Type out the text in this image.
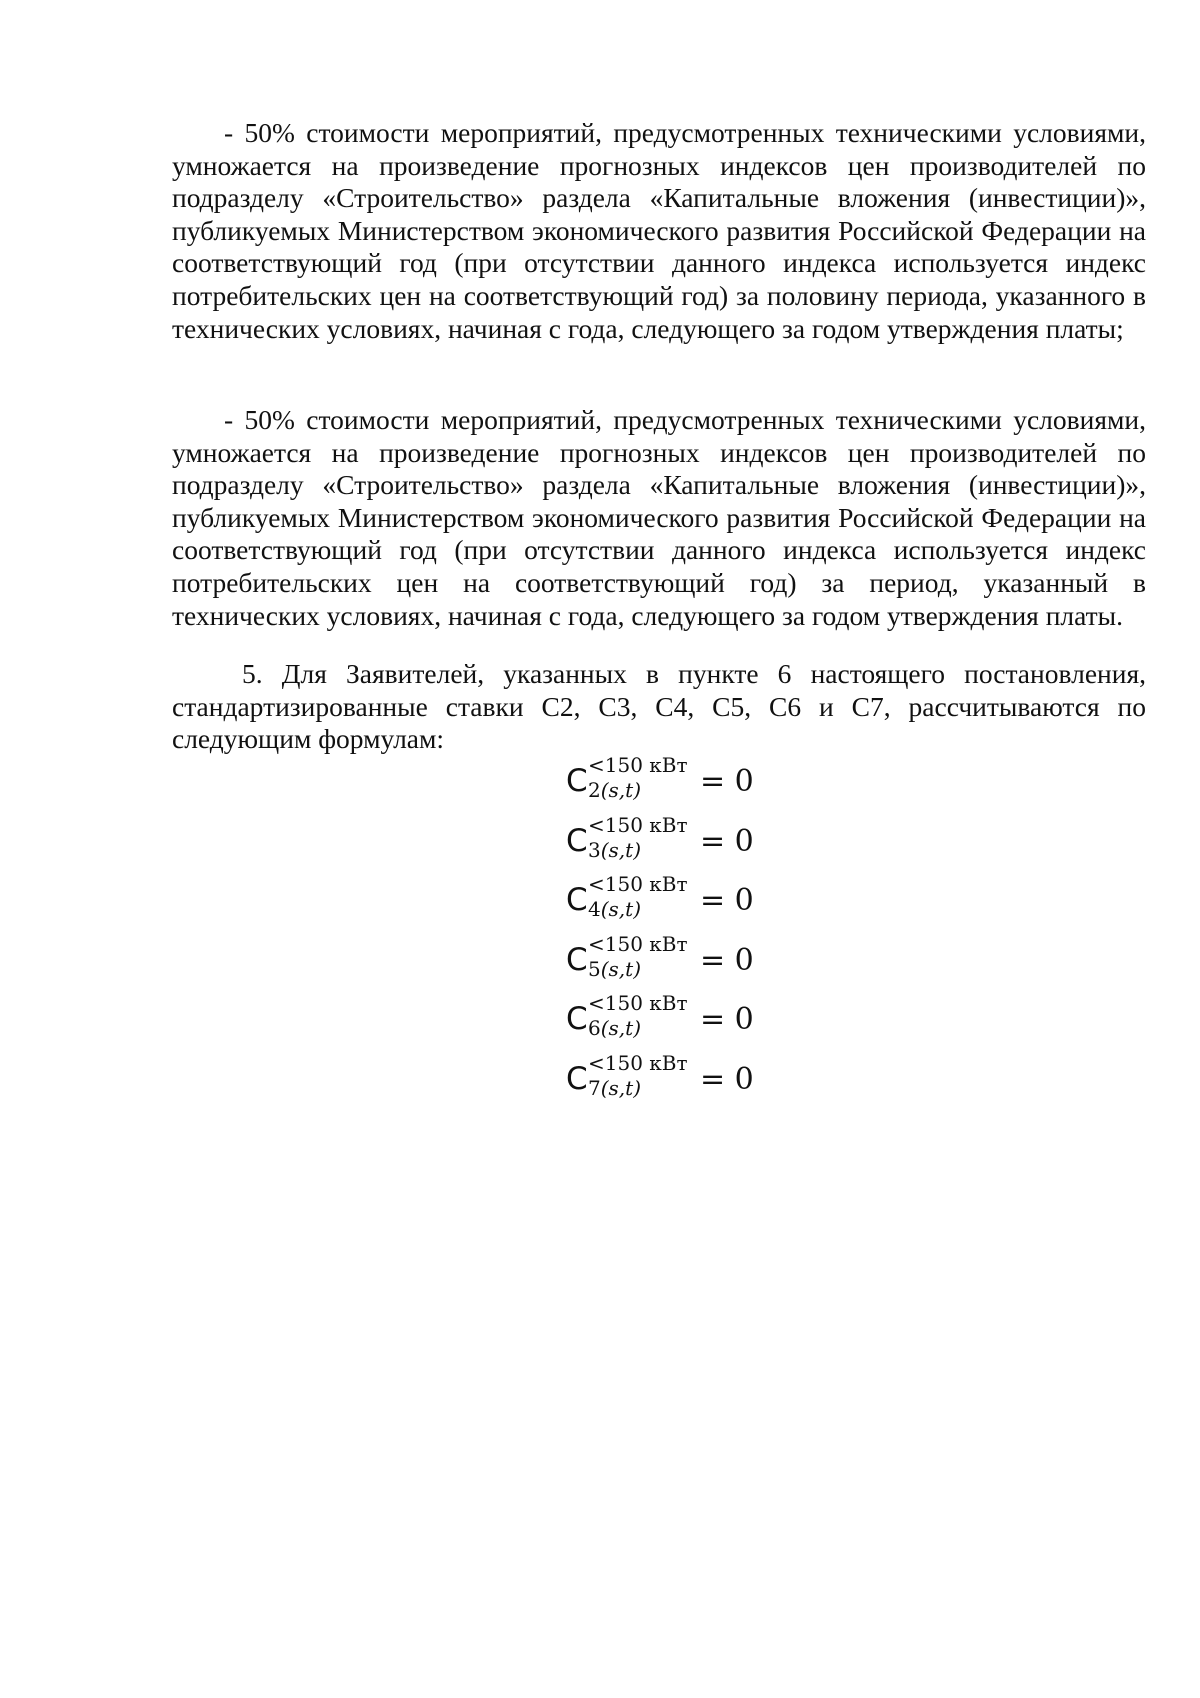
- 50% стоимости мероприятий, предусмотренных техническими условиями, умножается на произведение прогнозных индексов цен производителей по подразделу «Строительство» раздела «Капитальные вложения (инвестиции)», публикуемых Министерством экономического развития Российской Федерации на соответствующий год (при отсутствии данного индекса используется индекс потребительских цен на соответствующий год) за половину периода, указанного в технических условиях, начиная с года, следующего за годом утверждения платы;

- 50% стоимости мероприятий, предусмотренных техническими условиями, умножается на произведение прогнозных индексов цен производителей по подразделу «Строительство» раздела «Капитальные вложения (инвестиции)», публикуемых Министерством экономического развития Российской Федерации на соответствующий год (при отсутствии данного индекса используется индекс потребительских цен на соответствующий год) за период, указанный в технических условиях, начиная с года, следующего за годом утверждения платы.

5. Для Заявителей, указанных в пункте 6 настоящего постановления, стандартизированные ставки С2, С3, С4, С5, С6 и С7, рассчитываются по следующим формулам:

C <150 кВт
2(s,t) = 0
C <150 кВт
3(s,t) = 0
C <150 кВт
4(s,t) = 0
C <150 кВт
5(s,t) = 0
C <150 кВт
6(s,t) = 0
C <150 кВт
7(s,t) = 0
